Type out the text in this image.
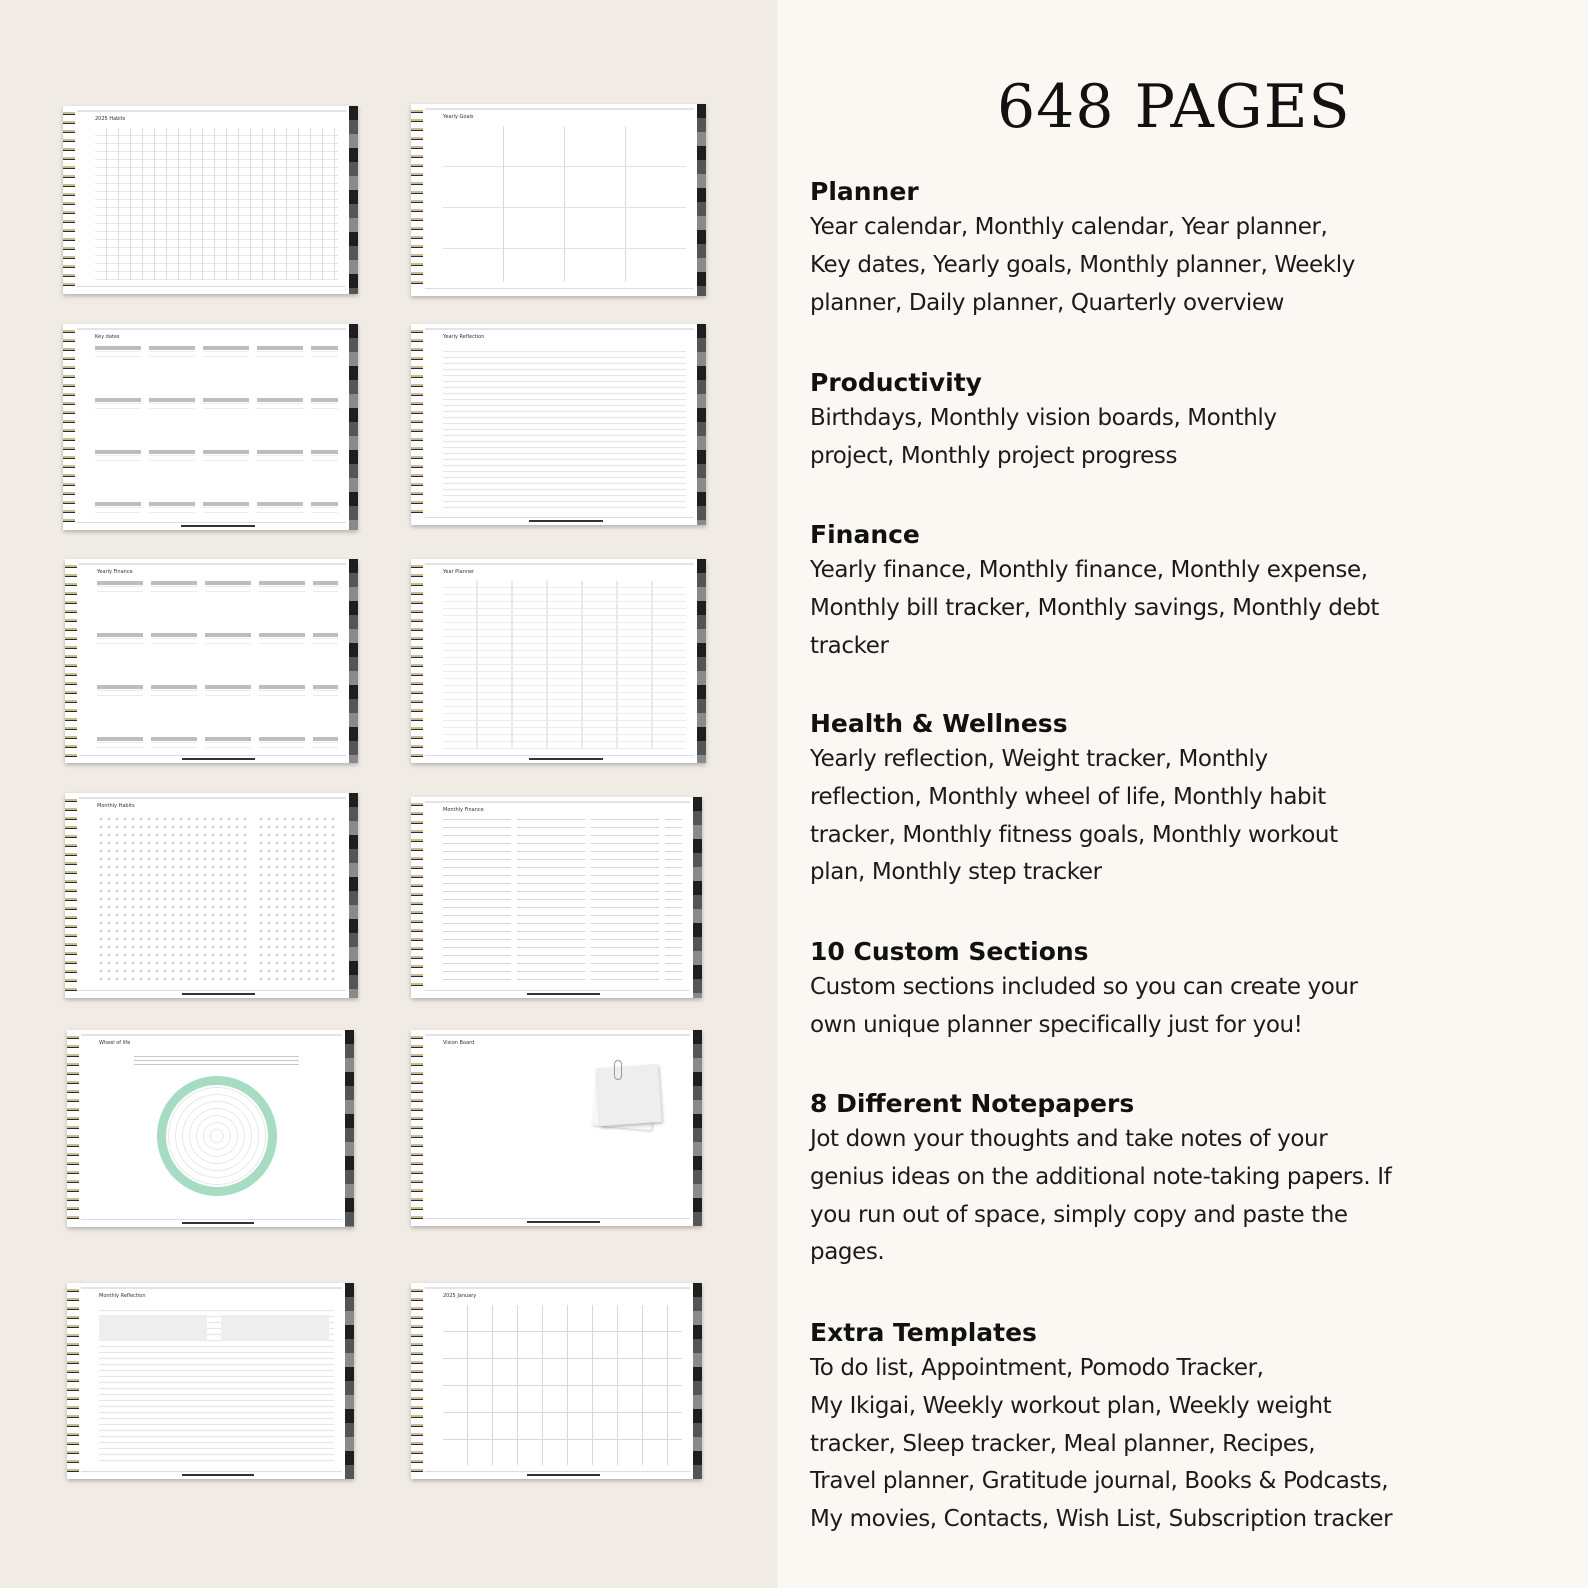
2025 Habits	Yearly Goals
Key dates	Yearly Reflection
Yearly Finance	Year Planner
Monthly Habits
Monthly Finance
Wheel of life	Vision Board
Monthly Reflection	2025 January
648 PAGES
Planner

Year calendar, Monthly calendar, Year planner,
Key dates, Yearly goals, Monthly planner, Weekly
planner, Daily planner, Quarterly overview

Productivity

Birthdays, Monthly vision boards, Monthly
project, Monthly project progress

Finance

Yearly finance, Monthly finance, Monthly expense,
Monthly bill tracker, Monthly savings, Monthly debt
tracker

Health & Wellness

Yearly reflection, Weight tracker, Monthly
reflection, Monthly wheel of life, Monthly habit
tracker, Monthly fitness goals, Monthly workout
plan, Monthly step tracker

10 Custom Sections

Custom sections included so you can create your
own unique planner specifically just for you!

8 Different Notepapers

Jot down your thoughts and take notes of your
genius ideas on the additional note-taking papers. If
you run out of space, simply copy and paste the
pages.

Extra Templates

To do list, Appointment, Pomodo Tracker,
My Ikigai, Weekly workout plan, Weekly weight
tracker, Sleep tracker, Meal planner, Recipes,
Travel planner, Gratitude journal, Books & Podcasts,
My movies, Contacts, Wish List, Subscription tracker
